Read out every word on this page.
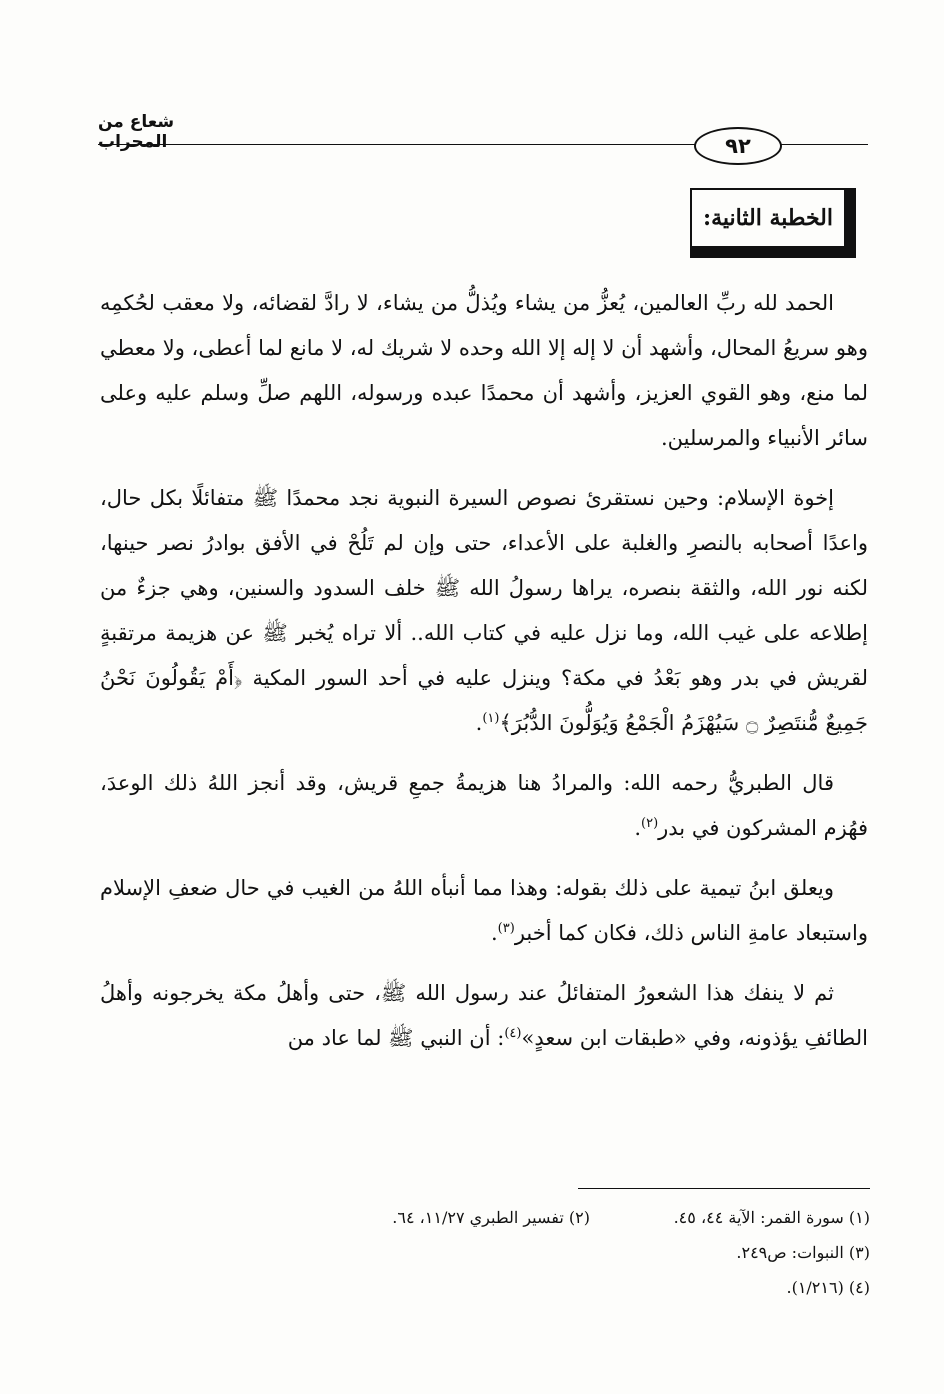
شعاع من المحراب	٩٢
الخطبة الثانية:

الحمد لله ربِّ العالمين، يُعزُّ من يشاء ويُذلُّ من يشاء، لا رادَّ لقضائه، ولا معقب لحُكمِه وهو سريعُ المحال، وأشهد أن لا إله إلا الله وحده لا شريك له، لا مانع لما أعطى، ولا معطي لما منع، وهو القوي العزيز، وأشهد أن محمدًا عبده ورسوله، اللهم صلِّ وسلم عليه وعلى سائر الأنبياء والمرسلين.

إخوة الإسلام: وحين نستقرئ نصوص السيرة النبوية نجد محمدًا ﷺ متفائلًا بكل حال، واعدًا أصحابه بالنصرِ والغلبة على الأعداء، حتى وإن لم تَلُحْ في الأفق بوادرُ نصر حينها، لكنه نور الله، والثقة بنصره، يراها رسولُ الله ﷺ خلف السدود والسنين، وهي جزءٌ من إطلاعه على غيب الله، وما نزل عليه في كتاب الله.. ألا تراه يُخبر ﷺ عن هزيمة مرتقبةٍ لقريش في بدر وهو بَعْدُ في مكة؟ وينزل عليه في أحد السور المكية ﴿أَمْ يَقُولُونَ نَحْنُ جَمِيعٌ مُّنتَصِرٌ ۝ سَيُهْزَمُ الْجَمْعُ وَيُوَلُّونَ الدُّبُرَ﴾$^{(١)}$.

قال الطبريُّ رحمه الله: والمرادُ هنا هزيمةُ جمعِ قريش، وقد أنجز اللهُ ذلك الوعدَ، فهُزم المشركون في بدر$^{(٢)}$.

ويعلق ابنُ تيمية على ذلك بقوله: وهذا مما أنبأه اللهُ من الغيب في حال ضعفِ الإسلام واستبعاد عامةِ الناس ذلك، فكان كما أخبر$^{(٣)}$.

ثم لا ينفك هذا الشعورُ المتفائلُ عند رسول الله ﷺ، حتى وأهلُ مكة يخرجونه وأهلُ الطائفِ يؤذونه، وفي «طبقات ابن سعدٍ»$^{(٤)}$: أن النبي ﷺ لما عاد من

(١) سورة القمر: الآية ٤٤، ٤٥.
(٢) تفسير الطبري ١١/٢٧، ٦٤.
(٣) النبوات: ص٢٤٩.
(٤) (١/٢١٦).
